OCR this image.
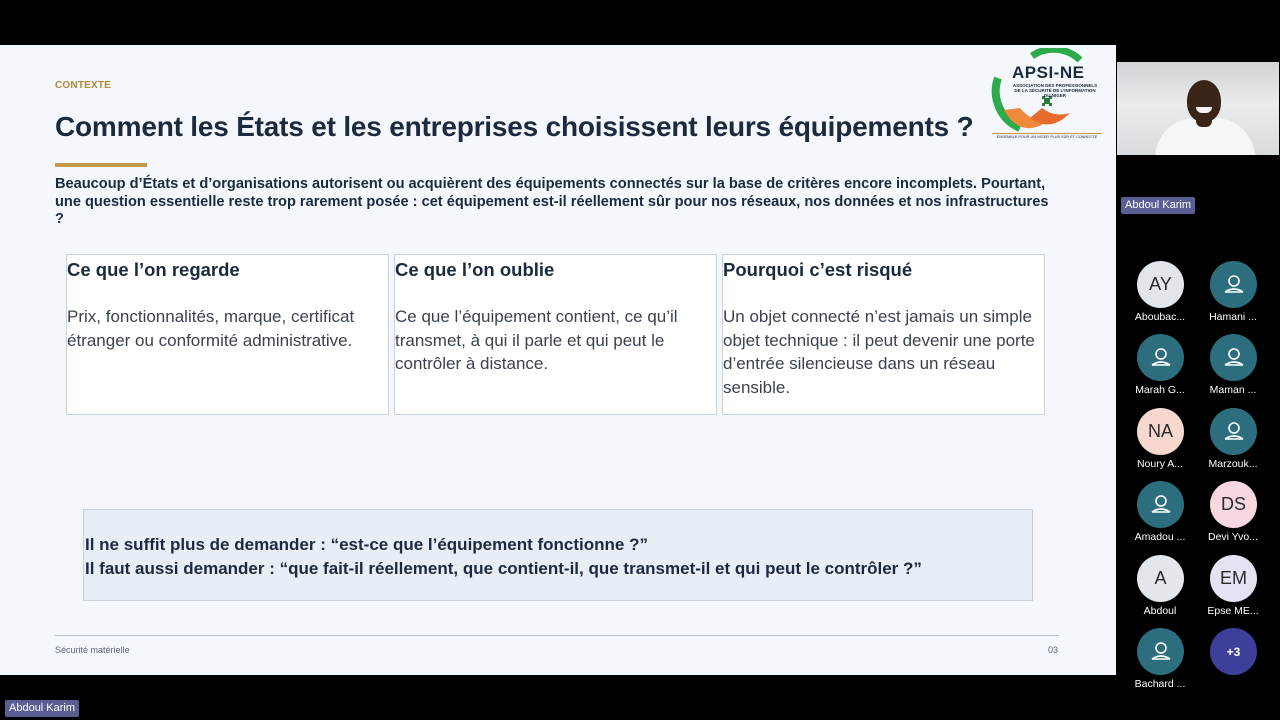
CONTEXTE
Comment les États et les entreprises choisissent leurs équipements ?
Beaucoup d’États et d’organisations autorisent ou acquièrent des équipements connectés sur la base de critères encore incomplets. Pourtant, une question essentielle reste trop rarement posée : cet équipement est-il réellement sûr pour nos réseaux, nos données et nos infrastructures ?
APSI-NE
ASSOCIATION DES PROFESSIONNELS DE LA SÉCURITÉ DE L’INFORMATION DU NIGER
ENSEMBLE POUR UN NIGER PLUS SÛR ET CONNECTÉ
Ce que l’on regarde

Prix, fonctionnalités, marque, certificat étranger ou conformité administrative.

Ce que l’on oublie

Ce que l’équipement contient, ce qu’il transmet, à qui il parle et qui peut le contrôler à distance.

Pourquoi c’est risqué

Un objet connecté n’est jamais un simple objet technique : il peut devenir une porte d’entrée silencieuse dans un réseau sensible.

Il ne suffit plus de demander : “est-ce que l’équipement fonctionne ?”
Il faut aussi demander : “que fait-il réellement, que contient-il, que transmet-il et qui peut le contrôler ?”
Sécurité matérielle	03
Abdoul Karim
AY
Aboubac...	Hamani ...
Marah G...	Maman ...
NA
Noury A...	Marzouk...
Amadou ...
DS
Devi Yvo...
A
Abdoul
EM
Epse ME...
Bachard ...
+3
Abdoul Karim
